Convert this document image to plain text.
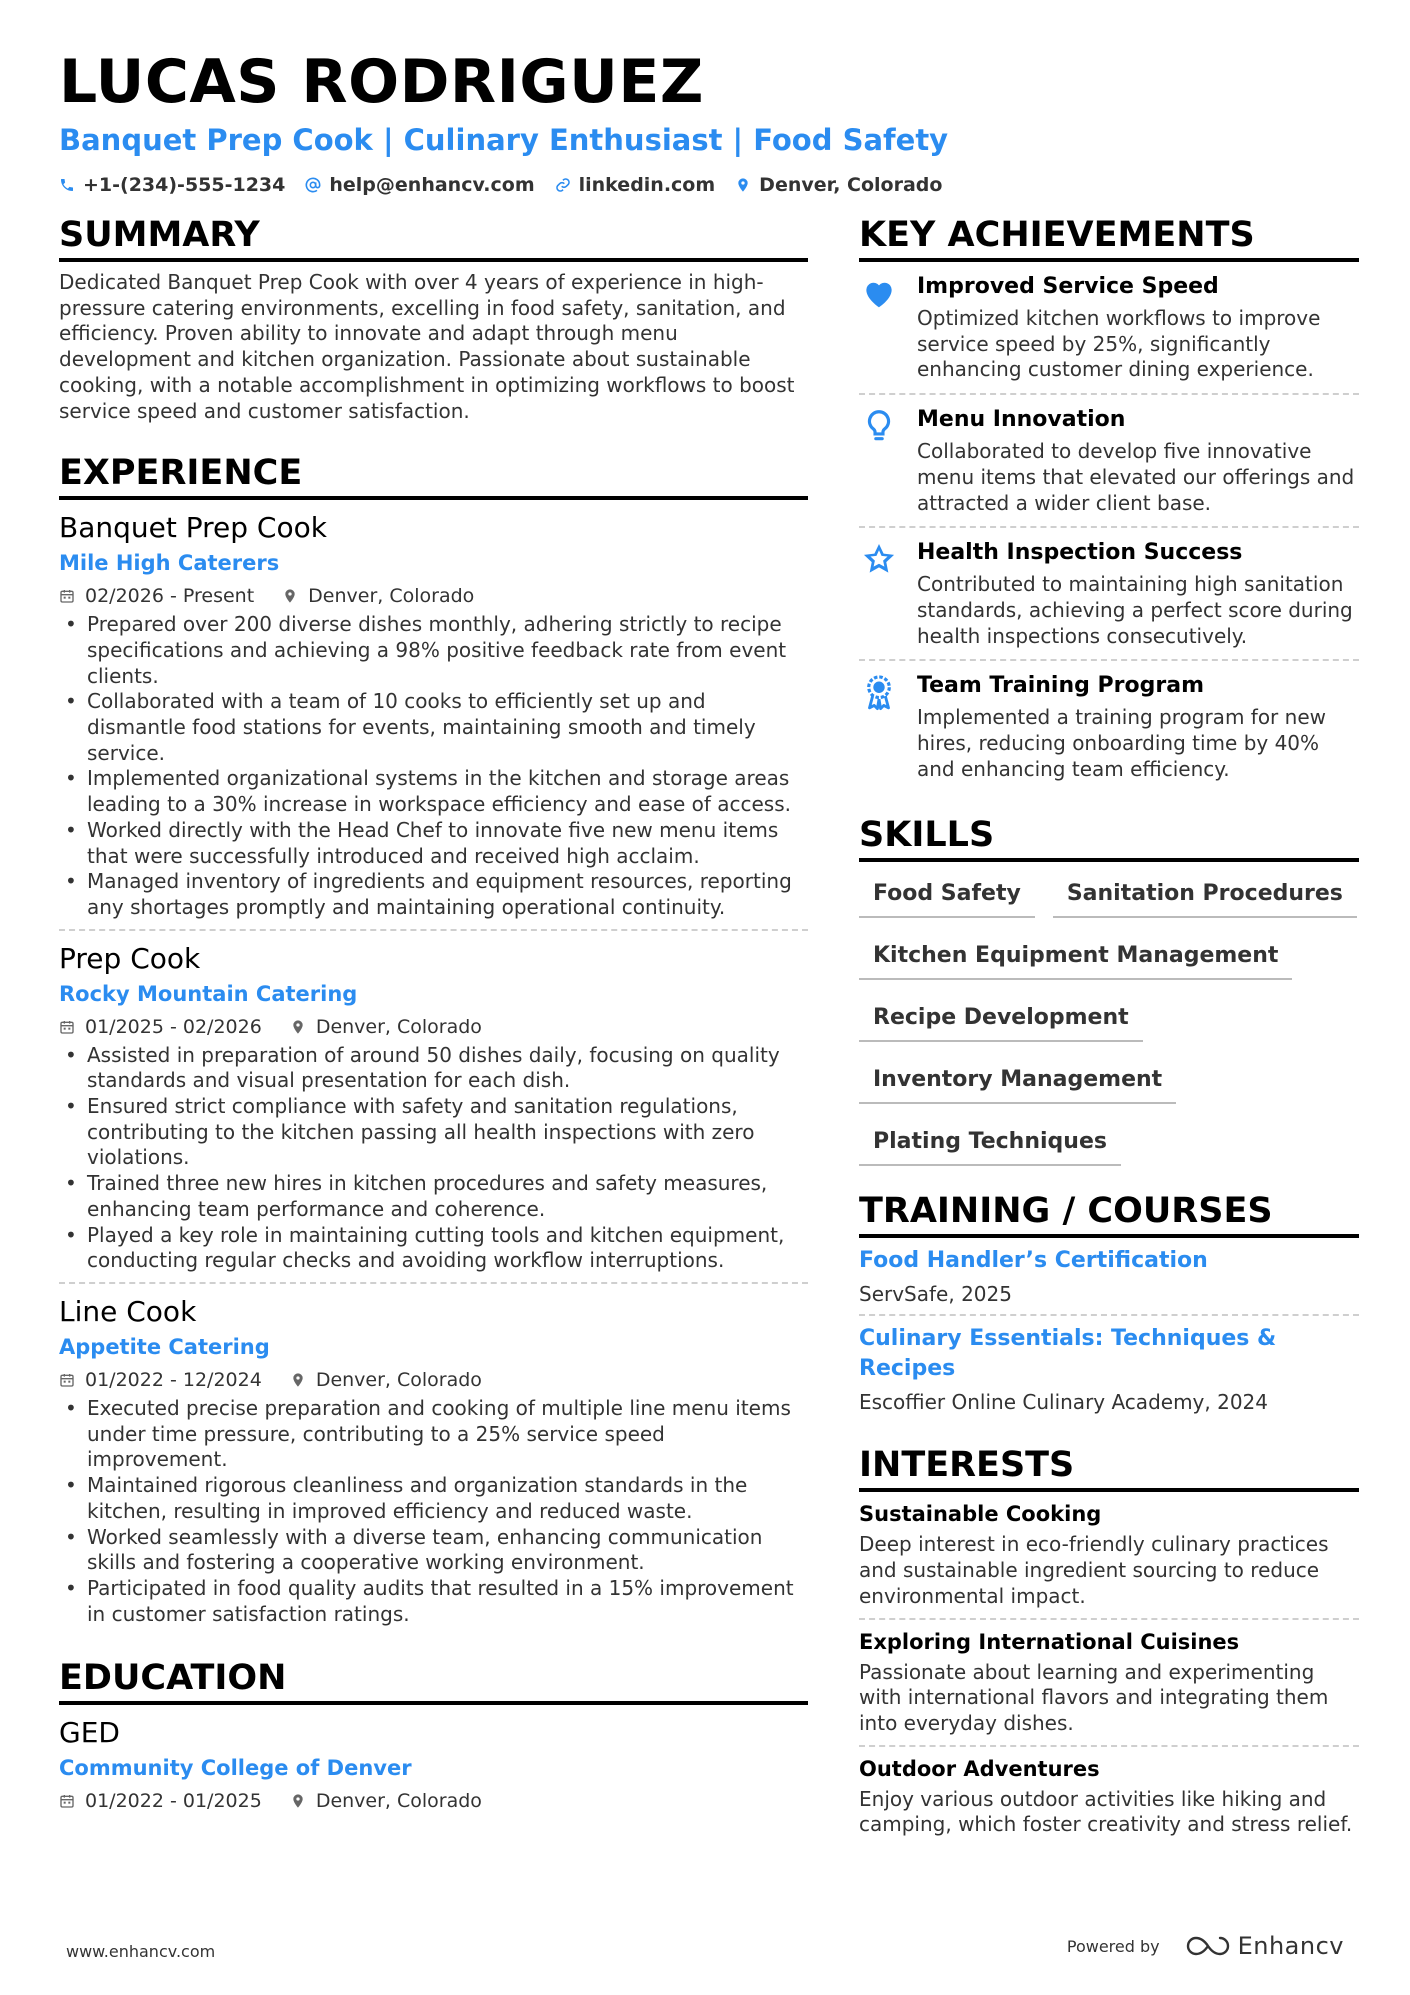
LUCAS RODRIGUEZ
Banquet Prep Cook | Culinary Enthusiast | Food Safety
+1-(234)-555-1234 help@enhancv.com linkedin.com Denver, Colorado
SUMMARY
Dedicated Banquet Prep Cook with over 4 years of experience in high-pressure catering environments, excelling in food safety, sanitation, and efficiency. Proven ability to innovate and adapt through menu development and kitchen organization. Passionate about sustainable cooking, with a notable accomplishment in optimizing workflows to boost service speed and customer satisfaction.
EXPERIENCE
Banquet Prep Cook
Mile High Caterers
02/2026 - Present	Denver, Colorado
• Prepared over 200 diverse dishes monthly, adhering strictly to recipe specifications and achieving a 98% positive feedback rate from event clients.
• Collaborated with a team of 10 cooks to efficiently set up and dismantle food stations for events, maintaining smooth and timely service.
• Implemented organizational systems in the kitchen and storage areas leading to a 30% increase in workspace efficiency and ease of access.
• Worked directly with the Head Chef to innovate five new menu items that were successfully introduced and received high acclaim.
• Managed inventory of ingredients and equipment resources, reporting any shortages promptly and maintaining operational continuity.
Prep Cook
Rocky Mountain Catering
01/2025 - 02/2026	Denver, Colorado
• Assisted in preparation of around 50 dishes daily, focusing on quality standards and visual presentation for each dish.
• Ensured strict compliance with safety and sanitation regulations, contributing to the kitchen passing all health inspections with zero violations.
• Trained three new hires in kitchen procedures and safety measures, enhancing team performance and coherence.
• Played a key role in maintaining cutting tools and kitchen equipment, conducting regular checks and avoiding workflow interruptions.
Line Cook
Appetite Catering
01/2022 - 12/2024	Denver, Colorado
• Executed precise preparation and cooking of multiple line menu items under time pressure, contributing to a 25% service speed improvement.
• Maintained rigorous cleanliness and organization standards in the kitchen, resulting in improved efficiency and reduced waste.
• Worked seamlessly with a diverse team, enhancing communication skills and fostering a cooperative working environment.
• Participated in food quality audits that resulted in a 15% improvement in customer satisfaction ratings.
EDUCATION
GED
Community College of Denver
01/2022 - 01/2025	Denver, Colorado
KEY ACHIEVEMENTS
Improved Service Speed
Optimized kitchen workflows to improve service speed by 25%, significantly enhancing customer dining experience.
Menu Innovation
Collaborated to develop five innovative menu items that elevated our offerings and attracted a wider client base.
Health Inspection Success
Contributed to maintaining high sanitation standards, achieving a perfect score during health inspections consecutively.
Team Training Program
Implemented a training program for new hires, reducing onboarding time by 40% and enhancing team efficiency.
SKILLS
Food Safety	Sanitation Procedures
Kitchen Equipment Management
Recipe Development
Inventory Management
Plating Techniques
TRAINING / COURSES
Food Handler’s Certification
ServSafe, 2025
Culinary Essentials: Techniques & Recipes
Escoffier Online Culinary Academy, 2024
INTERESTS
Sustainable Cooking
Deep interest in eco-friendly culinary practices and sustainable ingredient sourcing to reduce environmental impact.
Exploring International Cuisines
Passionate about learning and experimenting with international flavors and integrating them into everyday dishes.
Outdoor Adventures
Enjoy various outdoor activities like hiking and camping, which foster creativity and stress relief.
www.enhancv.com	Powered by	Enhancv
